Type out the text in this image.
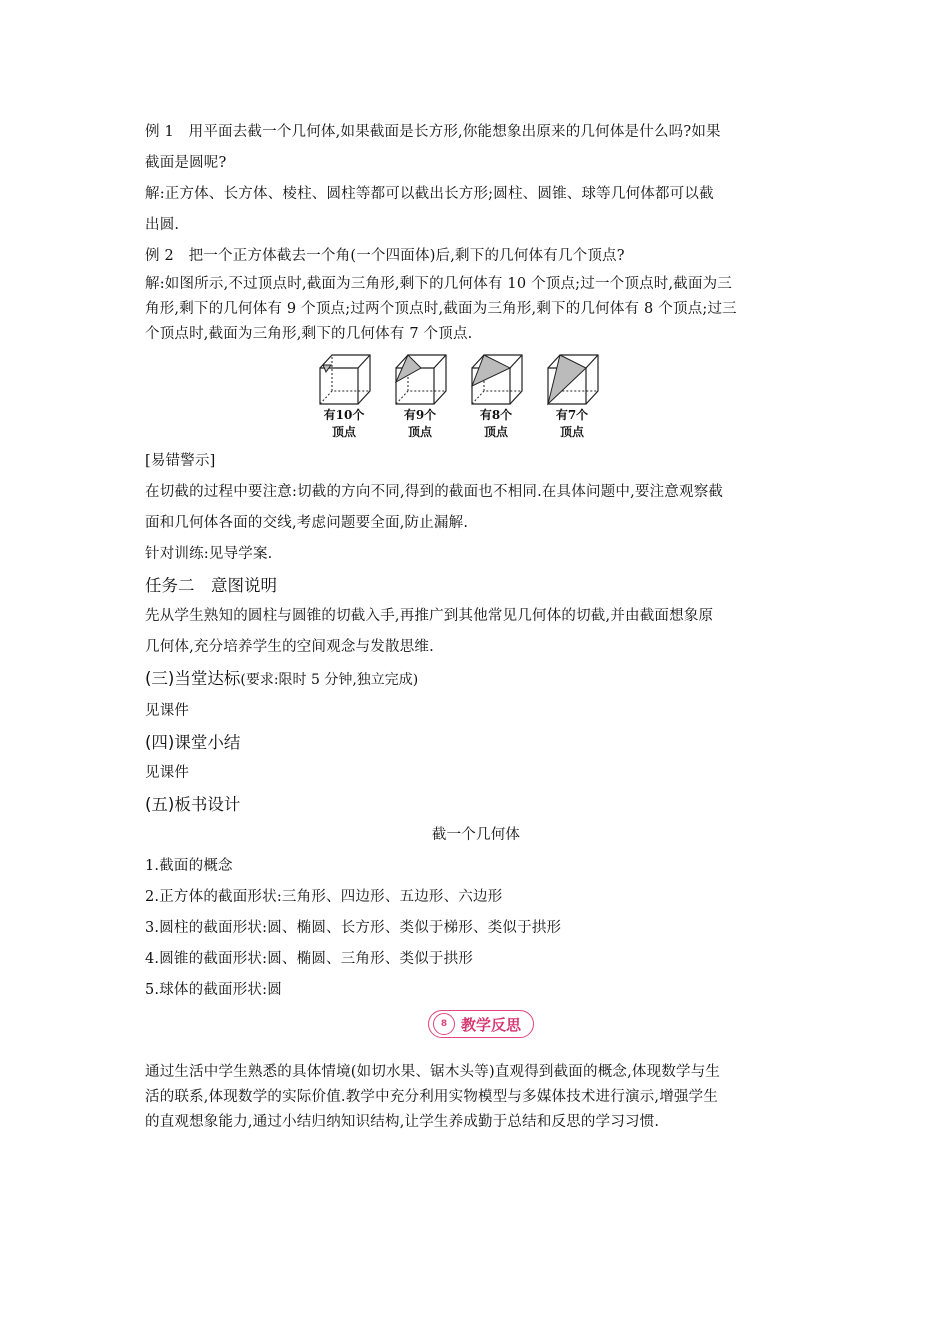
例 1　用平面去截一个几何体,如果截面是长方形,你能想象出原来的几何体是什么吗?如果

截面是圆呢?

解:正方体、长方体、棱柱、圆柱等都可以截出长方形;圆柱、圆锥、球等几何体都可以截

出圆.

例 2　把一个正方体截去一个角(一个四面体)后,剩下的几何体有几个顶点?

解:如图所示,不过顶点时,截面为三角形,剩下的几何体有 10 个顶点;过一个顶点时,截面为三

角形,剩下的几何体有 9 个顶点;过两个顶点时,截面为三角形,剩下的几何体有 8 个顶点;过三

个顶点时,截面为三角形,剩下的几何体有 7 个顶点.

有10个
顶点
有9个
顶点
有8个
顶点
有7个
顶点

[易错警示]

在切截的过程中要注意:切截的方向不同,得到的截面也不相同.在具体问题中,要注意观察截

面和几何体各面的交线,考虑问题要全面,防止漏解.

针对训练:见导学案.

任务二　意图说明

先从学生熟知的圆柱与圆锥的切截入手,再推广到其他常见几何体的切截,并由截面想象原

几何体,充分培养学生的空间观念与发散思维.

(三)当堂达标(要求:限时 5 分钟,独立完成)

见课件

(四)课堂小结

见课件

(五)板书设计

截一个几何体

1.截面的概念

2.正方体的截面形状:三角形、四边形、五边形、六边形

3.圆柱的截面形状:圆、椭圆、长方形、类似于梯形、类似于拱形

4.圆锥的截面形状:圆、椭圆、三角形、类似于拱形

5.球体的截面形状:圆

8 教学反思

通过生活中学生熟悉的具体情境(如切水果、锯木头等)直观得到截面的概念,体现数学与生

活的联系,体现数学的实际价值.教学中充分利用实物模型与多媒体技术进行演示,增强学生

的直观想象能力,通过小结归纳知识结构,让学生养成勤于总结和反思的学习习惯.
